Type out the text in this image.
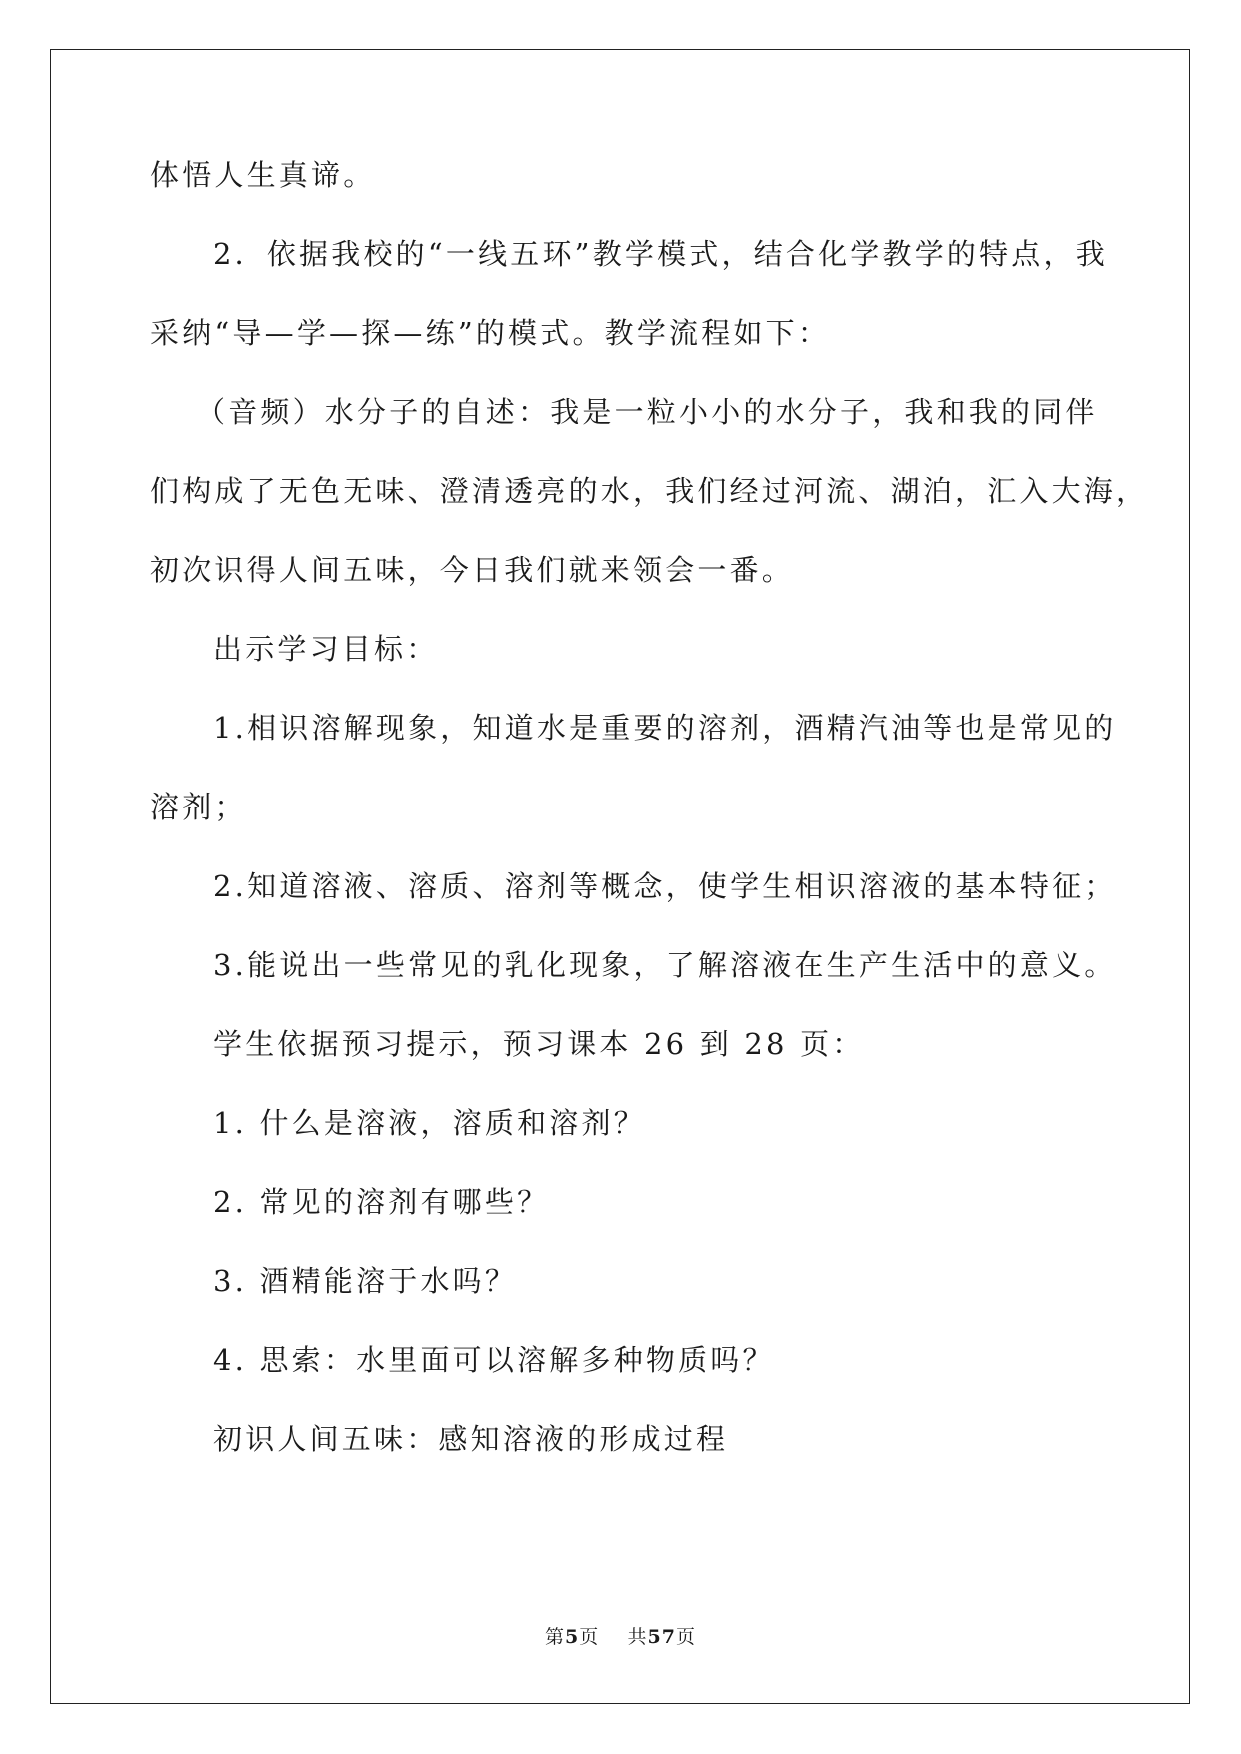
体悟人生真谛。
2．依据我校的“一线五环”教学模式，结合化学教学的特点，我
采纳“导—学—探—练”的模式。教学流程如下：
（音频）水分子的自述：我是一粒小小的水分子，我和我的同伴
们构成了无色无味、澄清透亮的水，我们经过河流、湖泊，汇入大海，
初次识得人间五味，今日我们就来领会一番。
出示学习目标：
1.相识溶解现象，知道水是重要的溶剂，酒精汽油等也是常见的
溶剂；
2.知道溶液、溶质、溶剂等概念，使学生相识溶液的基本特征；
3.能说出一些常见的乳化现象，了解溶液在生产生活中的意义。
学生依据预习提示，预习课本 26 到 28 页：
1. 什么是溶液，溶质和溶剂？
2. 常见的溶剂有哪些？
3. 酒精能溶于水吗？
4. 思索：水里面可以溶解多种物质吗？
初识人间五味：感知溶液的形成过程
第5页 共57页
